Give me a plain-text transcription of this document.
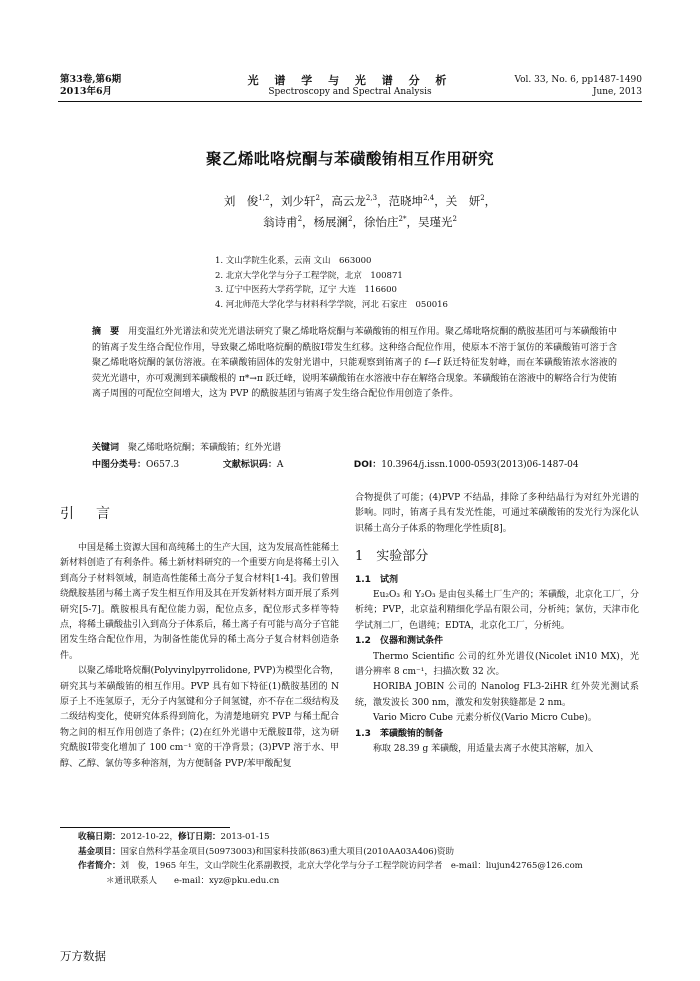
第33卷,第6期
2013年6月
光 谱 学 与 光 谱 分 析
Spectroscopy and Spectral Analysis
Vol. 33, No. 6, pp1487-1490
June, 2013
聚乙烯吡咯烷酮与苯磺酸铕相互作用研究
刘　俊$^{1,2}$，刘少轩$^2$，高云龙$^{2,3}$，范晓坤$^{2,4}$，关　妍$^2$，
翁诗甫$^2$，杨展澜$^2$，徐怡庄$^{2*}$，吴瑾光$^2$
1. 文山学院生化系，云南 文山　663000
2. 北京大学化学与分子工程学院，北京　100871
3. 辽宁中医药大学药学院，辽宁 大连　116600
4. 河北师范大学化学与材料科学学院，河北 石家庄　050016
摘　要　 用变温红外光谱法和荧光光谱法研究了聚乙烯吡咯烷酮与苯磺酸铕的相互作用。聚乙烯吡咯烷酮的酰胺基团可与苯磺酸铕中的铕离子发生络合配位作用，导致聚乙烯吡咯烷酮的酰胺Ⅰ带发生红移。这种络合配位作用，使原本不溶于氯仿的苯磺酸铕可溶于含聚乙烯吡咯烷酮的氯仿溶液。在苯磺酸铕固体的发射光谱中，只能观察到铕离子的 f—f 跃迁特征发射峰，而在苯磺酸铕浓水溶液的荧光光谱中，亦可观测到苯磺酸根的 π*→π 跃迁峰，说明苯磺酸铕在水溶液中存在解络合现象。苯磺酸铕在溶液中的解络合行为使铕离子周围的可配位空间增大，这为 PVP 的酰胺基团与铕离子发生络合配位作用创造了条件。
关键词　 聚乙烯吡咯烷酮；苯磺酸铕；红外光谱
中图分类号：O657.3	文献标识码：A	DOI：10.3964/j.issn.1000-0593(2013)06-1487-04
引言

中国是稀土资源大国和高纯稀土的生产大国，这为发展高性能稀土新材料创造了有利条件。稀土新材料研究的一个重要方向是将稀土引入到高分子材料领域，制造高性能稀土高分子复合材料[1-4]。我们曾围绕酰胺基团与稀土离子发生相互作用及其在开发新材料方面开展了系列研究[5-7]。酰胺根具有配位能力弱，配位点多，配位形式多样等特点，将稀土磺酸盐引入到高分子体系后，稀土离子有可能与高分子官能团发生络合配位作用，为制备性能优异的稀土高分子复合材料创造条件。

以聚乙烯吡咯烷酮(Polyvinylpyrrolidone, PVP)为模型化合物，研究其与苯磺酸铕的相互作用。PVP 具有如下特征(1)酰胺基团的 N 原子上不连氢原子，无分子内氢键和分子间氢键，亦不存在二级结构及二级结构变化，使研究体系得到简化，为清楚地研究 PVP 与稀土配合物之间的相互作用创造了条件；(2)在红外光谱中无酰胺Ⅱ带，这为研究酰胺Ⅰ带变化增加了 100 cm⁻¹ 宽的干净背景；(3)PVP 溶于水、甲醇、乙醇、氯仿等多种溶剂，为方便制备 PVP/苯甲酸配复

合物提供了可能；(4)PVP 不结晶，排除了多种结晶行为对红外光谱的影响。同时，铕离子具有发光性能，可通过苯磺酸铕的发光行为深化认识稀土高分子体系的物理化学性质[8]。

1　实验部分
1.1　试剂

Eu₂O₃ 和 Y₂O₃ 是由包头稀土厂生产的；苯磺酸，北京化工厂，分析纯；PVP，北京益利精细化学品有限公司，分析纯；氯仿，天津市化学试剂二厂，色谱纯；EDTA，北京化工厂，分析纯。

1.2　仪器和测试条件

Thermo Scientific 公司的红外光谱仪(Nicolet iN10 MX)，光谱分辨率 8 cm⁻¹，扫描次数 32 次。

HORIBA JOBIN 公司的 Nanolog FL3-2iHR 红外荧光测试系统，激发波长 300 nm，激发和发射狭缝都是 2 nm。

Vario Micro Cube 元素分析仪(Vario Micro Cube)。

1.3　苯磺酸铕的制备

称取 28.39 g 苯磺酸，用适量去离子水使其溶解，加入

收稿日期：2012-10-22，修订日期：2013-01-15
基金项目：国家自然科学基金项目(50973003)和国家科技部(863)重大项目(2010AA03A406)资助
作者简介：刘　俊，1965 年生，文山学院生化系副教授，北京大学化学与分子工程学院访问学者　 e-mail：liujun42765@126.com
＊通讯联系人　　e-mail：xyz@pku.edu.cn
万方数据
